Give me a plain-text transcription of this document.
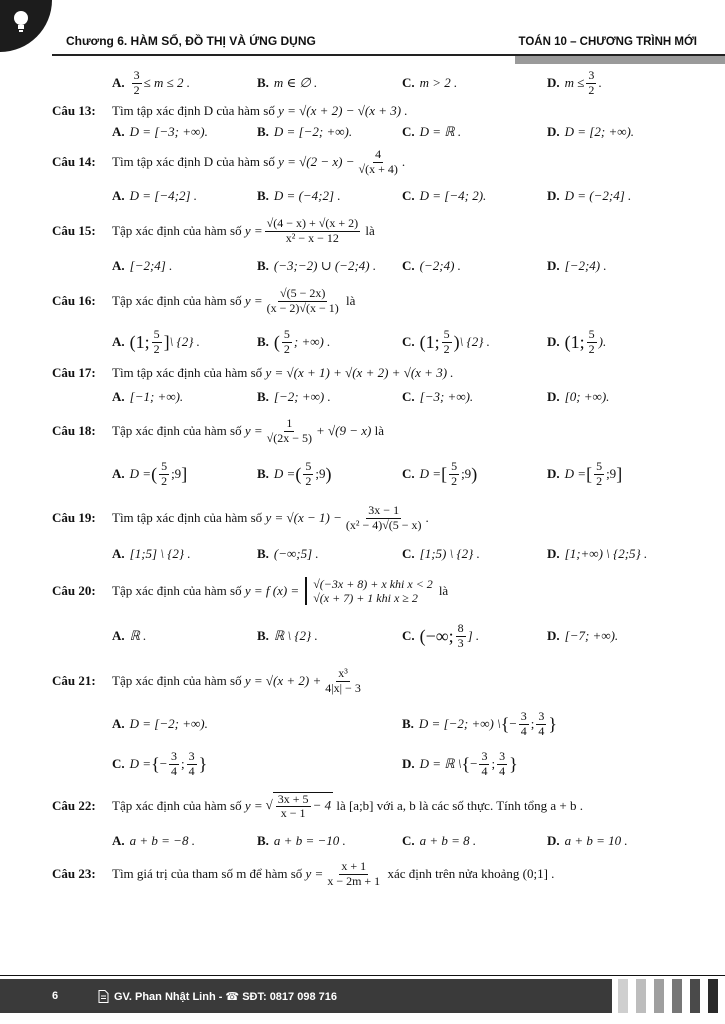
Chương 6. HÀM SỐ, ĐỒ THỊ VÀ ỨNG DỤNG	TOÁN 10 – CHƯƠNG TRÌNH MỚI
A. $\frac{3}{2} \le m \le 2$ .	B. m ∈ ∅ .	C. m > 2 .	D. $m \le \frac{3}{2}$ .
Câu 13:	Tìm tập xác định D của hàm số
y = √(x + 2) − √(x + 3) .
A. D = [−3; +∞).	B. D = [−2; +∞).	C. D = ℝ .	D. D = [2; +∞).
Câu 14:	Tìm tập xác định D của hàm số
$y = √(2 - x) - \frac{4}{√(x + 4)}$ .
A. D = [−4;2] .	B. D = (−4;2] .	C. D = [−4; 2).	D. D = (−2;4] .
Câu 15:	Tập xác định của hàm số
$y = \frac{√(4 - x) + √(x + 2)}{\text{x² − x − 12}}$
là
A. [−2;4] .	B. (−3;−2) ∪ (−2;4) . C. (−2;4) .	D. [−2;4) .
Câu 16:	Tập xác định của hàm số
$y = \frac{√(5 - 2x)}{(x - 2)√(x - 1)}$
là
A. (1; $\frac{5}{2}$ ] \ {2} .	B. ( $\frac{5}{2}$ ; +∞) .	C. (1; $\frac{5}{2}$ ) \ {2} .	D. (1; $\frac{5}{2}$ ).
Câu 17:	Tìm tập xác định của hàm số
y = √(x + 1) + √(x + 2) + √(x + 3) .
A. [−1; +∞).	B. [−2; +∞) .	C. [−3; +∞).	D. [0; +∞).
Câu 18:	Tập xác định của hàm số
$y = \frac{1}{√(2x - 5)} + √(9 - x)$
là
A. D = ( $\frac{5}{2}$ ;9 ]	B. D = ( $\frac{5}{2}$ ;9 )	C. D = [ $\frac{5}{2}$ ;9 )	D. D = [ $\frac{5}{2}$ ;9 ]
Câu 19:	Tìm tập xác định của hàm số
$y = √(x - 1) - \frac{3x - 1}{\text{(x² − 4)√(5 − x)}}$ .
A. [1;5] \ {2} .	B. (−∞;5] .	C. [1;5) \ {2} .	D. [1;+∞) \ {2;5} .
Câu 20:	Tập xác định của hàm số
y = f (x) = √(−3x + 8) + x khi x < 2
√(x + 7) + 1 khi x ≥ 2	là
A. ℝ .	B. ℝ \ {2} .	C. (−∞; $\frac{8}{3}$ ] .	D. [−7; +∞).
Câu 21:	Tập xác định của hàm số
$y = √(x + 2) + \frac{\text{x³}}{4|x| - 3}$
A. D = [−2; +∞).	B. D = [−2; +∞) \ { − $\frac{3}{4}$ ; $\frac{3}{4}$ }
C. D = { − $\frac{3}{4}$ ; $\frac{3}{4}$ }	D. D = ℝ \ { − $\frac{3}{4}$ ; $\frac{3}{4}$ }
Câu 22:	Tập xác định của hàm số
y =
√ $\frac{3x + 5}{x - 1} - 4$
là [a;b] với a, b là các số thực. Tính tổng a + b .
A. a + b = −8 .	B. a + b = −10 .	C. a + b = 8 .	D. a + b = 10 .
Câu 23:	Tìm giá trị của tham số m để hàm số
$y = \frac{x + 1}{x - 2m + 1}$
xác định trên nửa khoảng (0;1] .
6	GV. Phan Nhật Linh - ☎ SĐT: 0817 098 716
